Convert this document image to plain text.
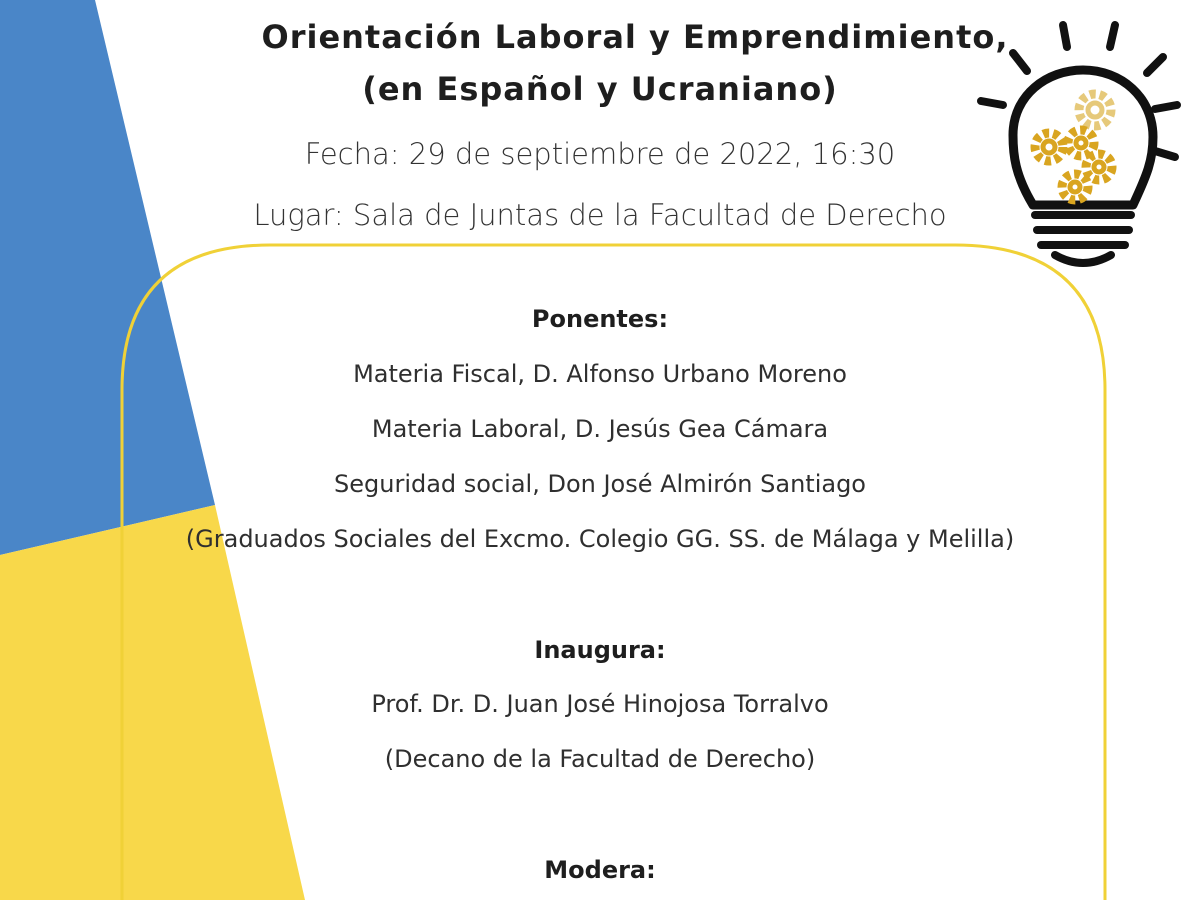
Orientación Laboral y Emprendimiento,
(en Español y Ucraniano)
Fecha: 29 de septiembre de 2022, 16:30
Lugar: Sala de Juntas de la Facultad de Derecho
Ponentes:
Materia Fiscal, D. Alfonso Urbano Moreno
Materia Laboral, D. Jesús Gea Cámara
Seguridad social, Don José Almirón Santiago
(Graduados Sociales del Excmo. Colegio GG. SS. de Málaga y Melilla)
Inaugura:
Prof. Dr. D. Juan José Hinojosa Torralvo
(Decano de la Facultad de Derecho)
Modera:
